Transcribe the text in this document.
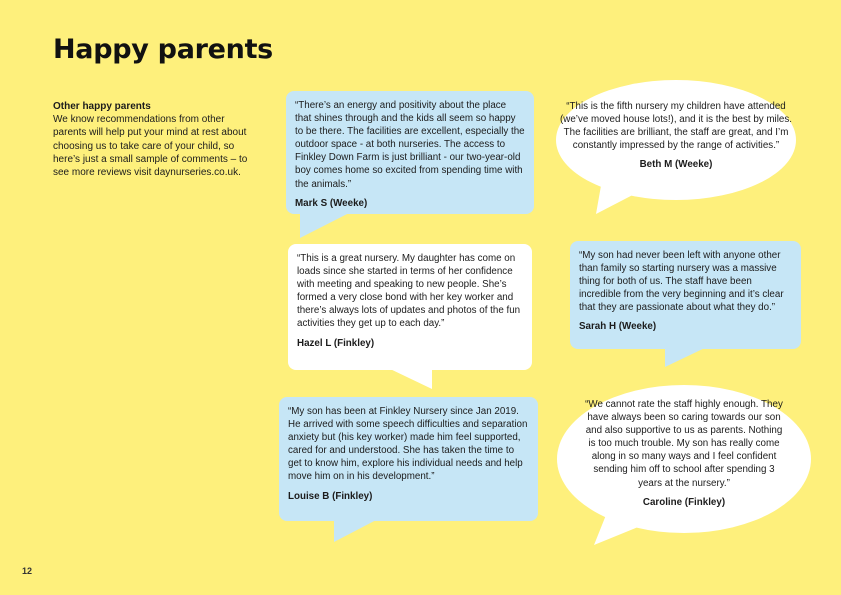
Happy parents
Other happy parents
We know recommendations from other parents will help put your mind at rest about choosing us to take care of your child, so here’s just a small sample of comments – to see more reviews visit daynurseries.co.uk.
“There’s an energy and positivity about the place that shines through and the kids all seem so happy to be there. The facilities are excellent, especially the outdoor space - at both nurseries. The access to Finkley Down Farm is just brilliant - our two-year-old boy comes home so excited from spending time with the animals.”
Mark S (Weeke)
“This is the fifth nursery my children have attended (we’ve moved house lots!), and it is the best by miles. The facilities are brilliant, the staff are great, and I’m constantly impressed by the range of activities.”
Beth M (Weeke)
“This is a great nursery. My daughter has come on loads since she started in terms of her confidence with meeting and speaking to new people. She’s formed a very close bond with her key worker and there’s always lots of updates and photos of the fun activities they get up to each day.”
Hazel L (Finkley)
“My son had never been left with anyone other than family so starting nursery was a massive thing for both of us. The staff have been incredible from the very beginning and it’s clear that they are passionate about what they do.”
Sarah H (Weeke)
“My son has been at Finkley Nursery since Jan 2019. He arrived with some speech difficulties and separation anxiety but (his key worker) made him feel supported, cared for and understood. She has taken the time to get to know him, explore his individual needs and help move him on in his development.”
Louise B (Finkley)
“We cannot rate the staff highly enough. They have always been so caring towards our son and also supportive to us as parents. Nothing is too much trouble. My son has really come along in so many ways and I feel confident sending him off to school after spending 3 years at the nursery.”
Caroline (Finkley)
12
